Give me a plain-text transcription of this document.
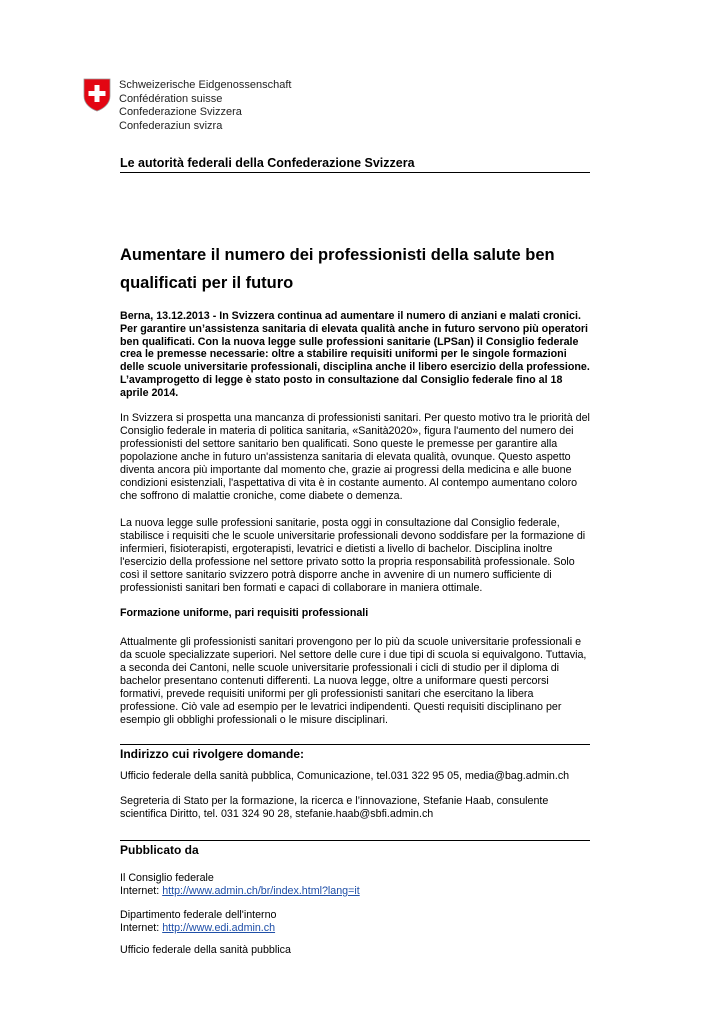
Schweizerische Eidgenossenschaft
Confédération suisse
Confederazione Svizzera
Confederaziun svizra
Le autorità federali della Confederazione Svizzera
Aumentare il numero dei professionisti della salute ben qualificati per il futuro
Berna, 13.12.2013 - In Svizzera continua ad aumentare il numero di anziani e malati cronici. Per garantire un’assistenza sanitaria di elevata qualità anche in futuro servono più operatori ben qualificati. Con la nuova legge sulle professioni sanitarie (LPSan) il Consiglio federale crea le premesse necessarie: oltre a stabilire requisiti uniformi per le singole formazioni delle scuole universitarie professionali, disciplina anche il libero esercizio della professione. L’avamprogetto di legge è stato posto in consultazione dal Consiglio federale fino al 18 aprile 2014.
In Svizzera si prospetta una mancanza di professionisti sanitari. Per questo motivo tra le priorità del Consiglio federale in materia di politica sanitaria, «Sanità2020», figura l'aumento del numero dei professionisti del settore sanitario ben qualificati. Sono queste le premesse per garantire alla popolazione anche in futuro un'assistenza sanitaria di elevata qualità, ovunque. Questo aspetto diventa ancora più importante dal momento che, grazie ai progressi della medicina e alle buone condizioni esistenziali, l'aspettativa di vita è in costante aumento. Al contempo aumentano coloro che soffrono di malattie croniche, come diabete o demenza.
La nuova legge sulle professioni sanitarie, posta oggi in consultazione dal Consiglio federale, stabilisce i requisiti che le scuole universitarie professionali devono soddisfare per la formazione di infermieri, fisioterapisti, ergoterapisti, levatrici e dietisti a livello di bachelor. Disciplina inoltre l'esercizio della professione nel settore privato sotto la propria responsabilità professionale. Solo così il settore sanitario svizzero potrà disporre anche in avvenire di un numero sufficiente di professionisti sanitari ben formati e capaci di collaborare in maniera ottimale.
Formazione uniforme, pari requisiti professionali
Attualmente gli professionisti sanitari provengono per lo più da scuole universitarie professionali e da scuole specializzate superiori. Nel settore delle cure i due tipi di scuola si equivalgono. Tuttavia, a seconda dei Cantoni, nelle scuole universitarie professionali i cicli di studio per il diploma di bachelor presentano contenuti differenti. La nuova legge, oltre a uniformare questi percorsi formativi, prevede requisiti uniformi per gli professionisti sanitari che esercitano la libera professione. Ciò vale ad esempio per le levatrici indipendenti. Questi requisiti disciplinano per esempio gli obblighi professionali o le misure disciplinari.
Indirizzo cui rivolgere domande:
Ufficio federale della sanità pubblica, Comunicazione, tel.031 322 95 05, media@bag.admin.ch
Segreteria di Stato per la formazione, la ricerca e l’innovazione, Stefanie Haab, consulente scientifica Diritto, tel. 031 324 90 28, stefanie.haab@sbfi.admin.ch
Pubblicato da
Il Consiglio federale
Internet: http://www.admin.ch/br/index.html?lang=it
Dipartimento federale dell'interno
Internet: http://www.edi.admin.ch
Ufficio federale della sanità pubblica
